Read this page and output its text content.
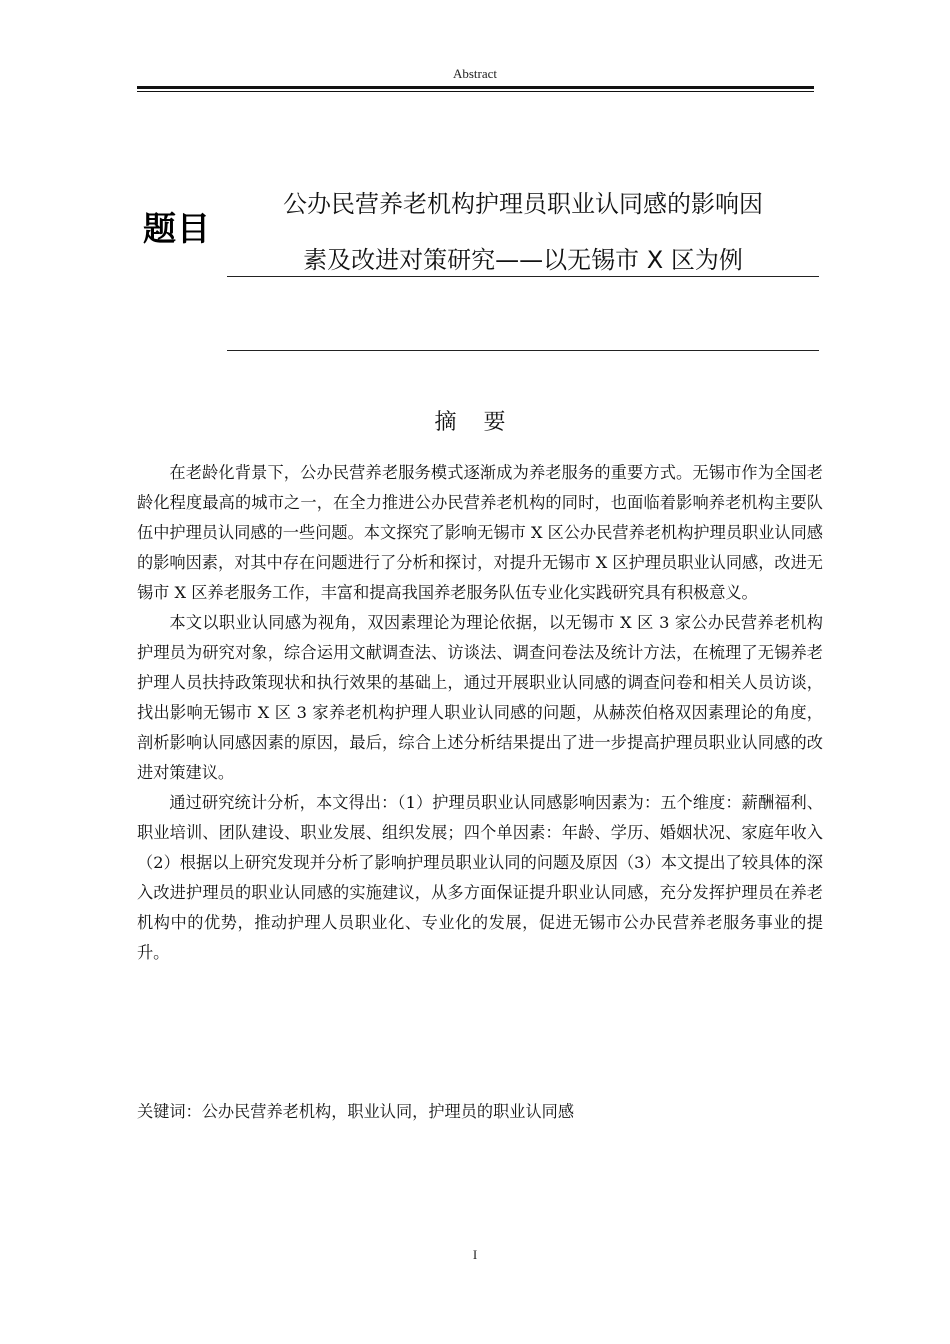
Abstract
题目
公办民营养老机构护理员职业认同感的影响因
素及改进对策研究——以无锡市 X 区为例
摘 要

在老龄化背景下，公办民营养老服务模式逐渐成为养老服务的重要方式。无锡市作为全国老龄化程度最高的城市之一，在全力推进公办民营养老机构的同时，也面临着影响养老机构主要队伍中护理员认同感的一些问题。本文探究了影响无锡市 X 区公办民营养老机构护理员职业认同感的影响因素，对其中存在问题进行了分析和探讨，对提升无锡市 X 区护理员职业认同感，改进无锡市 X 区养老服务工作，丰富和提高我国养老服务队伍专业化实践研究具有积极意义。

本文以职业认同感为视角，双因素理论为理论依据，以无锡市 X 区 3 家公办民营养老机构护理员为研究对象，综合运用文献调查法、访谈法、调查问卷法及统计方法，在梳理了无锡养老护理人员扶持政策现状和执行效果的基础上，通过开展职业认同感的调查问卷和相关人员访谈，找出影响无锡市 X 区 3 家养老机构护理人职业认同感的问题，从赫茨伯格双因素理论的角度，剖析影响认同感因素的原因，最后，综合上述分析结果提出了进一步提高护理员职业认同感的改进对策建议。

通过研究统计分析，本文得出：（1）护理员职业认同感影响因素为：五个维度：薪酬福利、职业培训、团队建设、职业发展、组织发展；四个单因素：年龄、学历、婚姻状况、家庭年收入（2）根据以上研究发现并分析了影响护理员职业认同的问题及原因（3）本文提出了较具体的深入改进护理员的职业认同感的实施建议，从多方面保证提升职业认同感，充分发挥护理员在养老机构中的优势，推动护理人员职业化、专业化的发展，促进无锡市公办民营养老服务事业的提升。

关键词：公办民营养老机构，职业认同，护理员的职业认同感
I
